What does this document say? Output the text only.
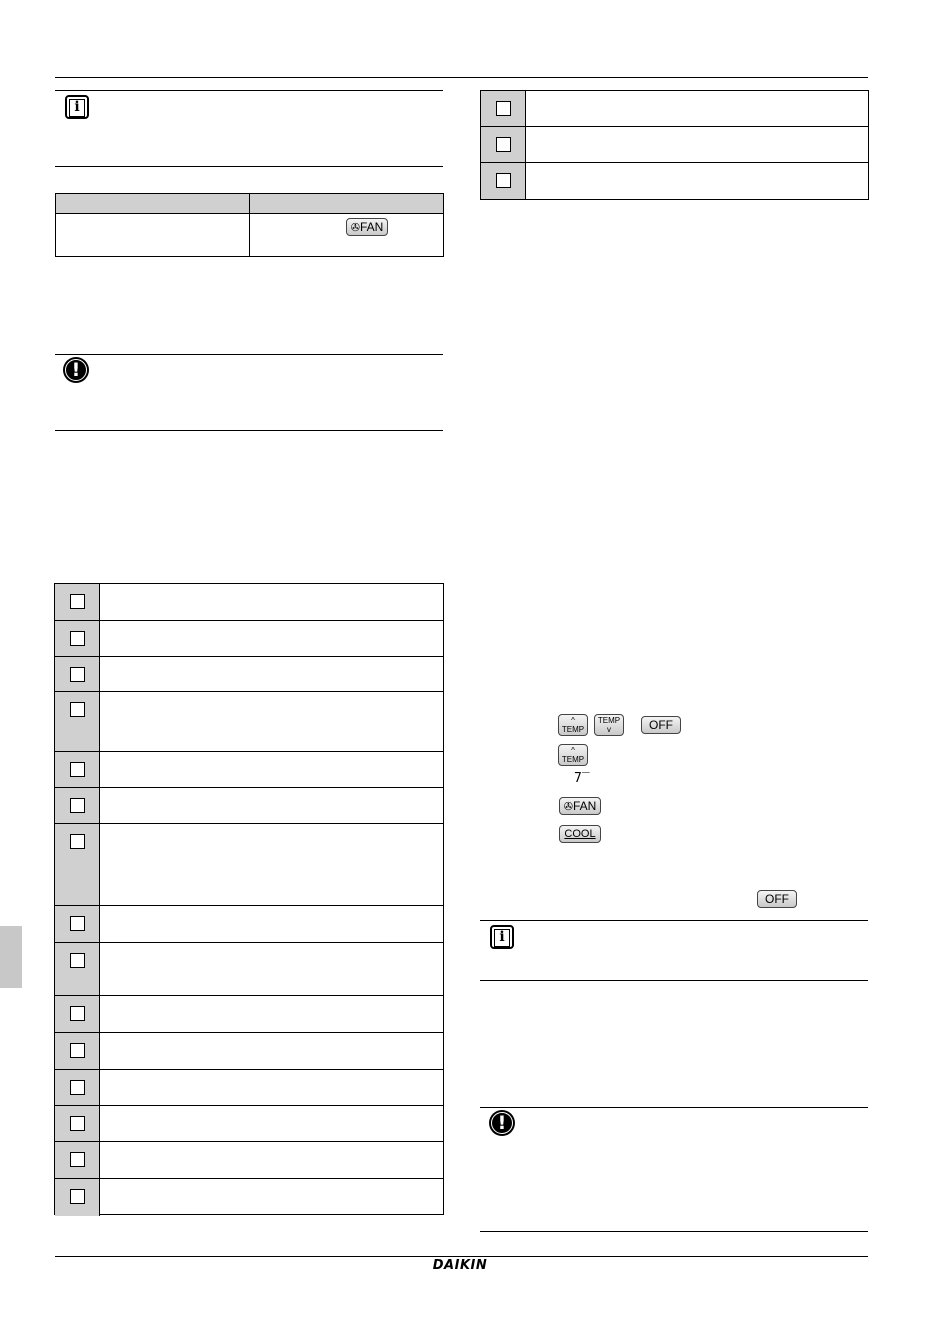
i
✇FAN
!
^
TEMP
TEMP
v	OFF
^
TEMP
7‾
✇FAN
COOL
OFF
i
!
DAIKIN
